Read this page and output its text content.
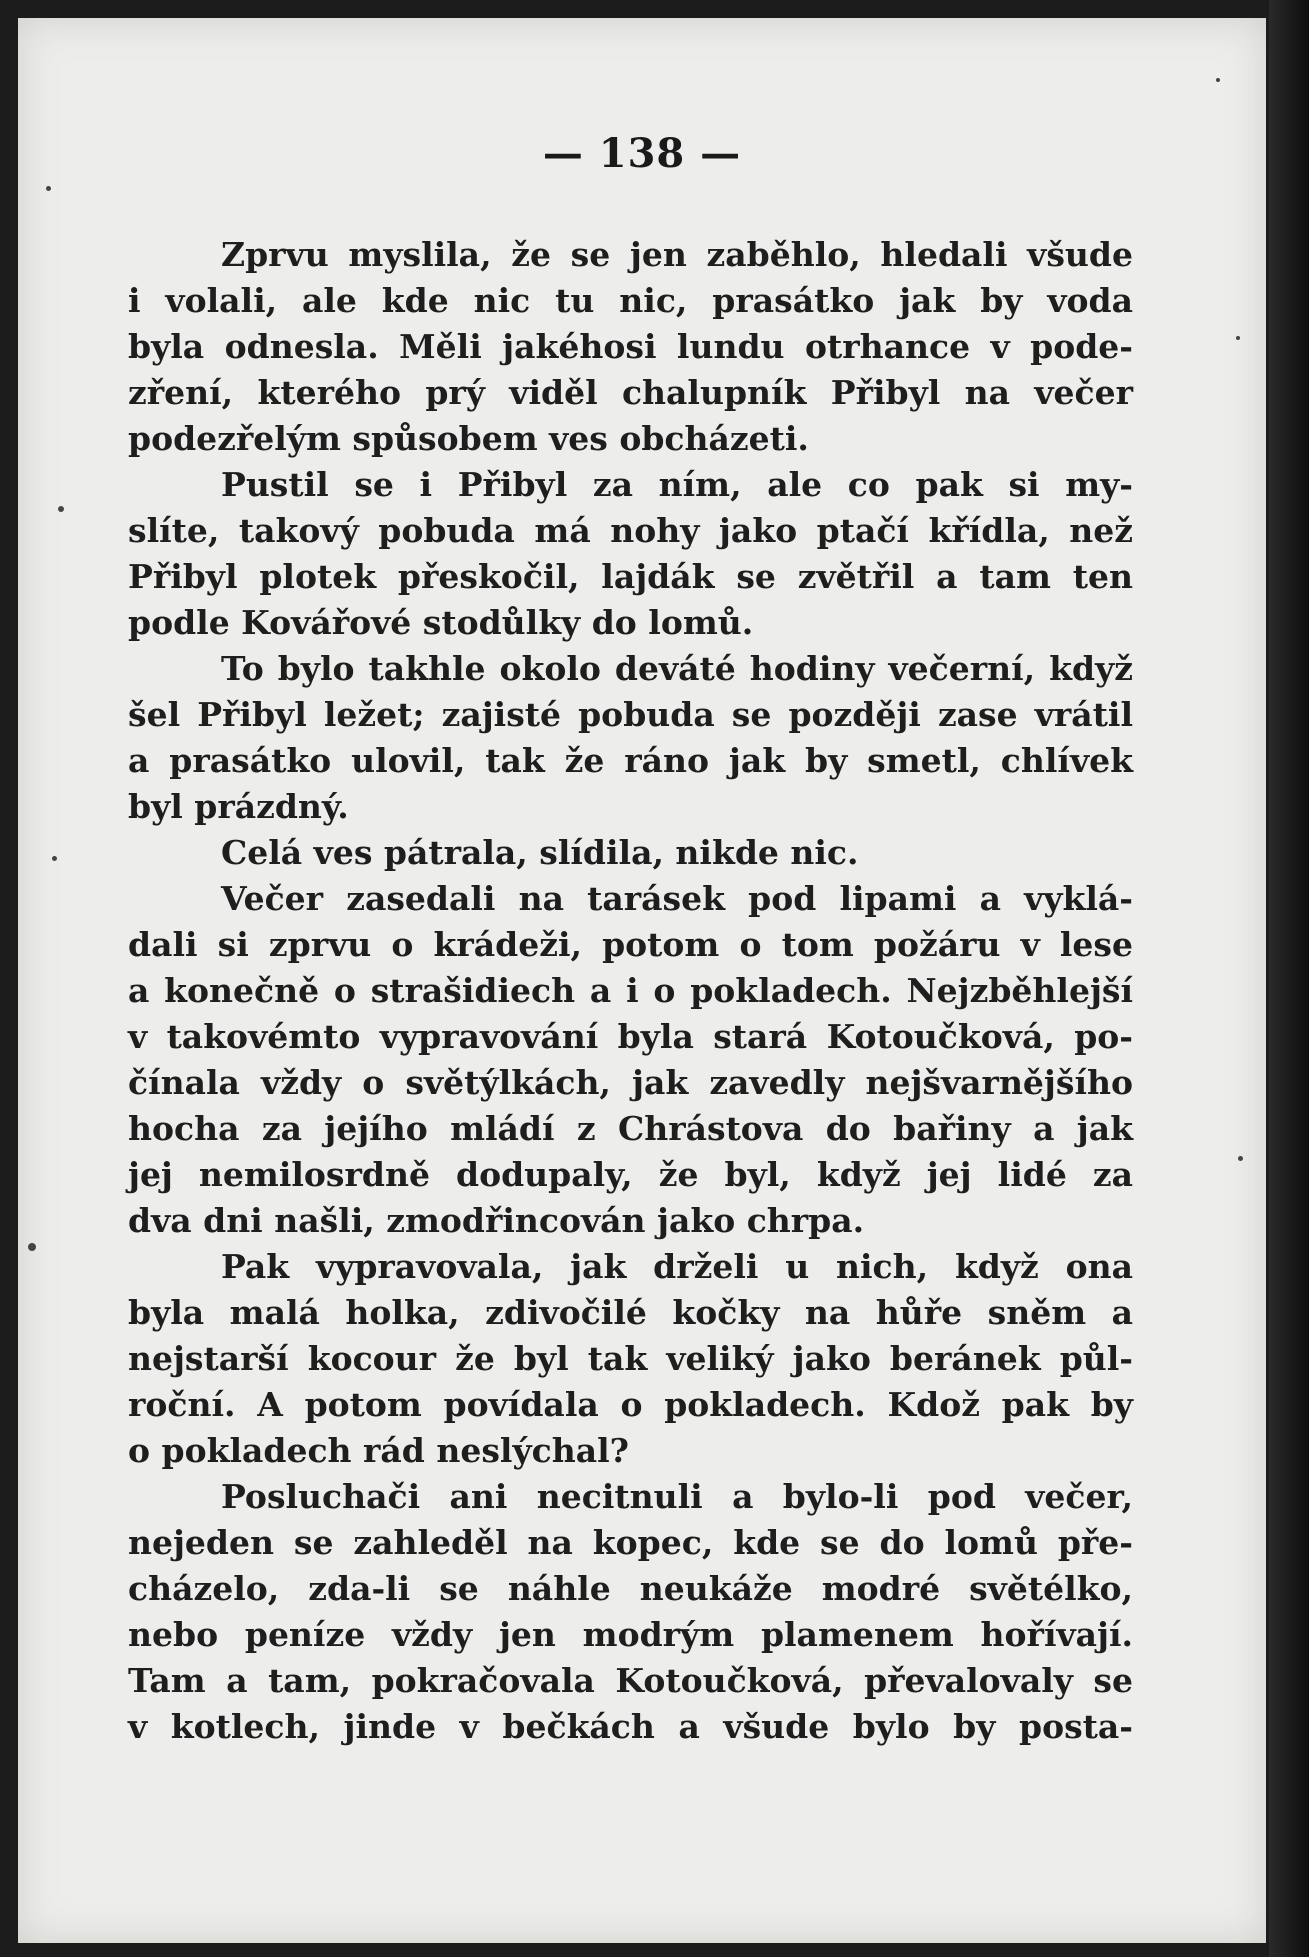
— 138 —
Zprvu myslila, že se jen zaběhlo, hledali všude
i volali, ale kde nic tu nic, prasátko jak by voda
byla odnesla. Měli jakéhosi lundu otrhance v pode-
zření, kterého prý viděl chalupník Přibyl na večer
podezřelým spůsobem ves obcházeti.
Pustil se i Přibyl za ním, ale co pak si my-
slíte, takový pobuda má nohy jako ptačí křídla, než
Přibyl plotek přeskočil, lajdák se zvětřil a tam ten
podle Kovářové stodůlky do lomů.
To bylo takhle okolo deváté hodiny večerní, když
šel Přibyl ležet; zajisté pobuda se později zase vrátil
a prasátko ulovil, tak že ráno jak by smetl, chlívek
byl prázdný.
Celá ves pátrala, slídila, nikde nic.
Večer zasedali na tarásek pod lipami a vyklá-
dali si zprvu o krádeži, potom o tom požáru v lese
a konečně o strašidiech a i o pokladech. Nejzběhlejší
v takovémto vypravování byla stará Kotoučková, po-
čínala vždy o světýlkách, jak zavedly nejšvarnějšího
hocha za jejího mládí z Chrástova do bařiny a jak
jej nemilosrdně dodupaly, že byl, když jej lidé za
dva dni našli, zmodřincován jako chrpa.
Pak vypravovala, jak drželi u nich, když ona
byla malá holka, zdivočilé kočky na hůře sněm a
nejstarší kocour že byl tak veliký jako beránek půl-
roční. A potom povídala o pokladech. Kdož pak by
o pokladech rád neslýchal?
Posluchači ani necitnuli a bylo-li pod večer,
nejeden se zahleděl na kopec, kde se do lomů pře-
cházelo, zda-li se náhle neukáže modré světélko,
nebo peníze vždy jen modrým plamenem hořívají.
Tam a tam, pokračovala Kotoučková, převalovaly se
v kotlech, jinde v bečkách a všude bylo by posta-
